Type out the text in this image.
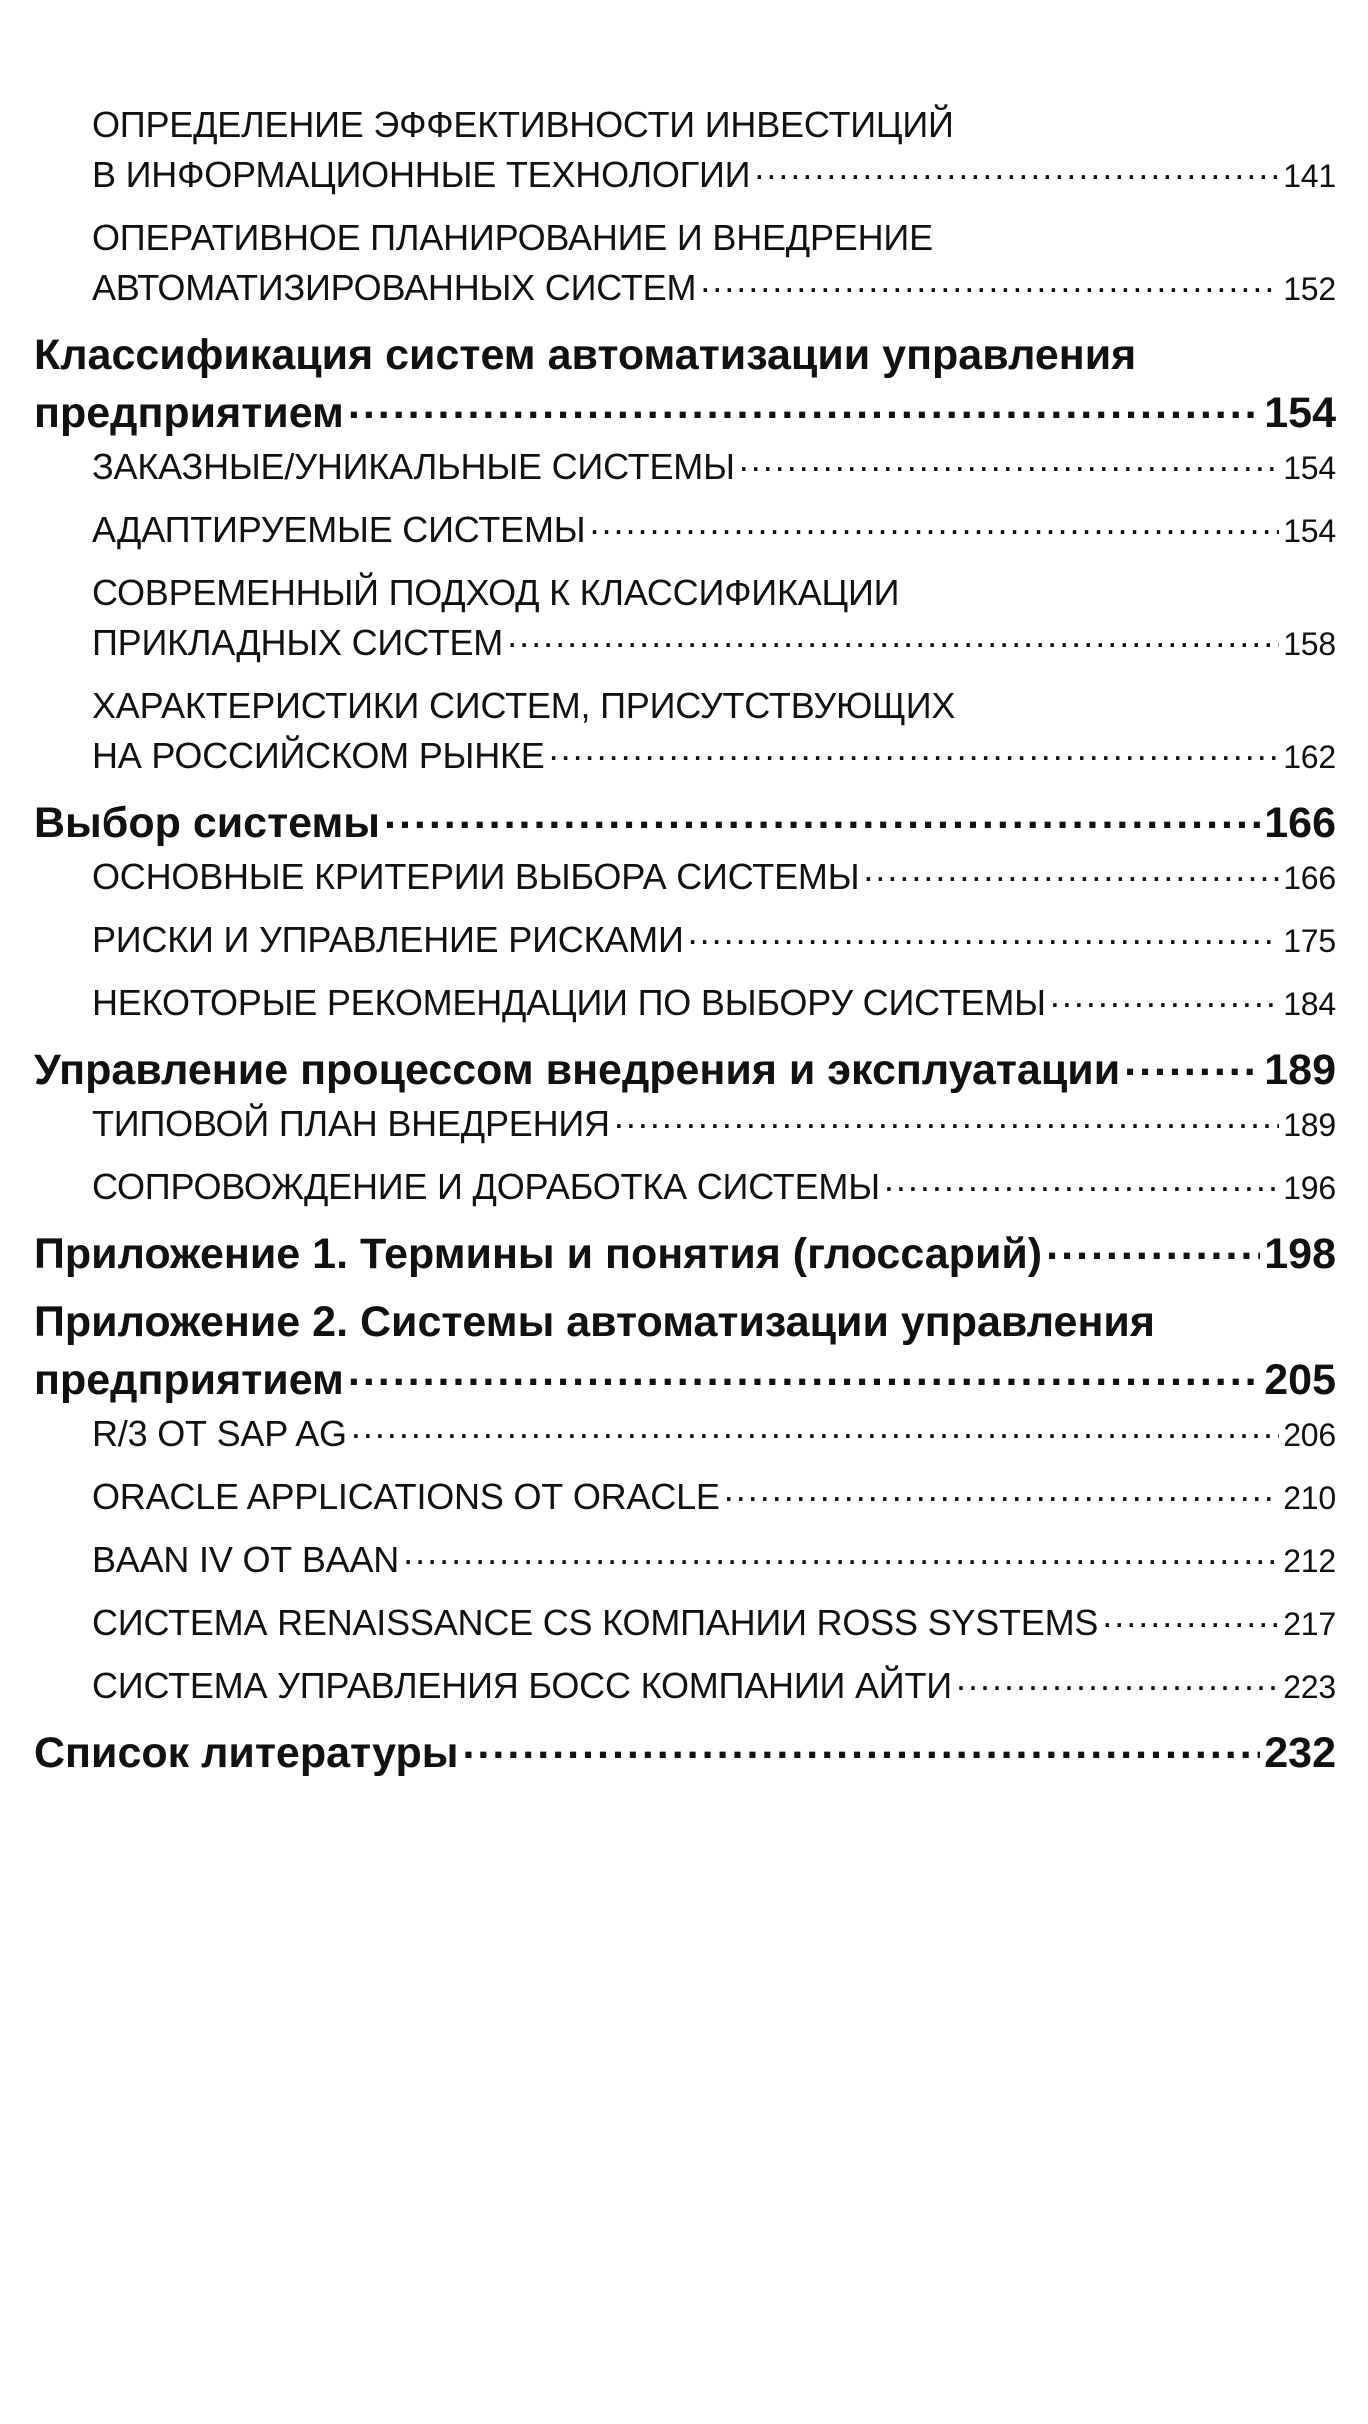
ОПРЕДЕЛЕНИЕ ЭФФЕКТИВНОСТИ ИНВЕСТИЦИЙ
В ИНФОРМАЦИОННЫЕ ТЕХНОЛОГИИ .....	141
ОПЕРАТИВНОЕ ПЛАНИРОВАНИЕ И ВНЕДРЕНИЕ
АВТОМАТИЗИРОВАННЫХ СИСТЕМ .....	152
Классификация систем автоматизации управления
предприятием .....	154
ЗАКАЗНЫЕ/УНИКАЛЬНЫЕ СИСТЕМЫ .....	154
АДАПТИРУЕМЫЕ СИСТЕМЫ .....	154
СОВРЕМЕННЫЙ ПОДХОД К КЛАССИФИКАЦИИ
ПРИКЛАДНЫХ СИСТЕМ .....	158
ХАРАКТЕРИСТИКИ СИСТЕМ, ПРИСУТСТВУЮЩИХ
НА РОССИЙСКОМ РЫНКЕ .....	162
Выбор системы .....	166
ОСНОВНЫЕ КРИТЕРИИ ВЫБОРА СИСТЕМЫ .....	166
РИСКИ И УПРАВЛЕНИЕ РИСКАМИ .....	175
НЕКОТОРЫЕ РЕКОМЕНДАЦИИ ПО ВЫБОРУ СИСТЕМЫ .....	184
Управление процессом внедрения и эксплуатации .....	189
ТИПОВОЙ ПЛАН ВНЕДРЕНИЯ .....	189
СОПРОВОЖДЕНИЕ И ДОРАБОТКА СИСТЕМЫ .....	196
Приложение 1. Термины и понятия (глоссарий) .....	198
Приложение 2. Системы автоматизации управления
предприятием .....	205
R/3 ОТ SAP AG .....	206
ORACLE APPLICATIONS ОТ ORACLE .....	210
BAAN IV ОТ BAAN .....	212
СИСТЕМА RENAISSANCE CS КОМПАНИИ ROSS SYSTEMS .....	217
СИСТЕМА УПРАВЛЕНИЯ БОСС КОМПАНИИ АЙТИ .....	223
Список литературы .....	232
